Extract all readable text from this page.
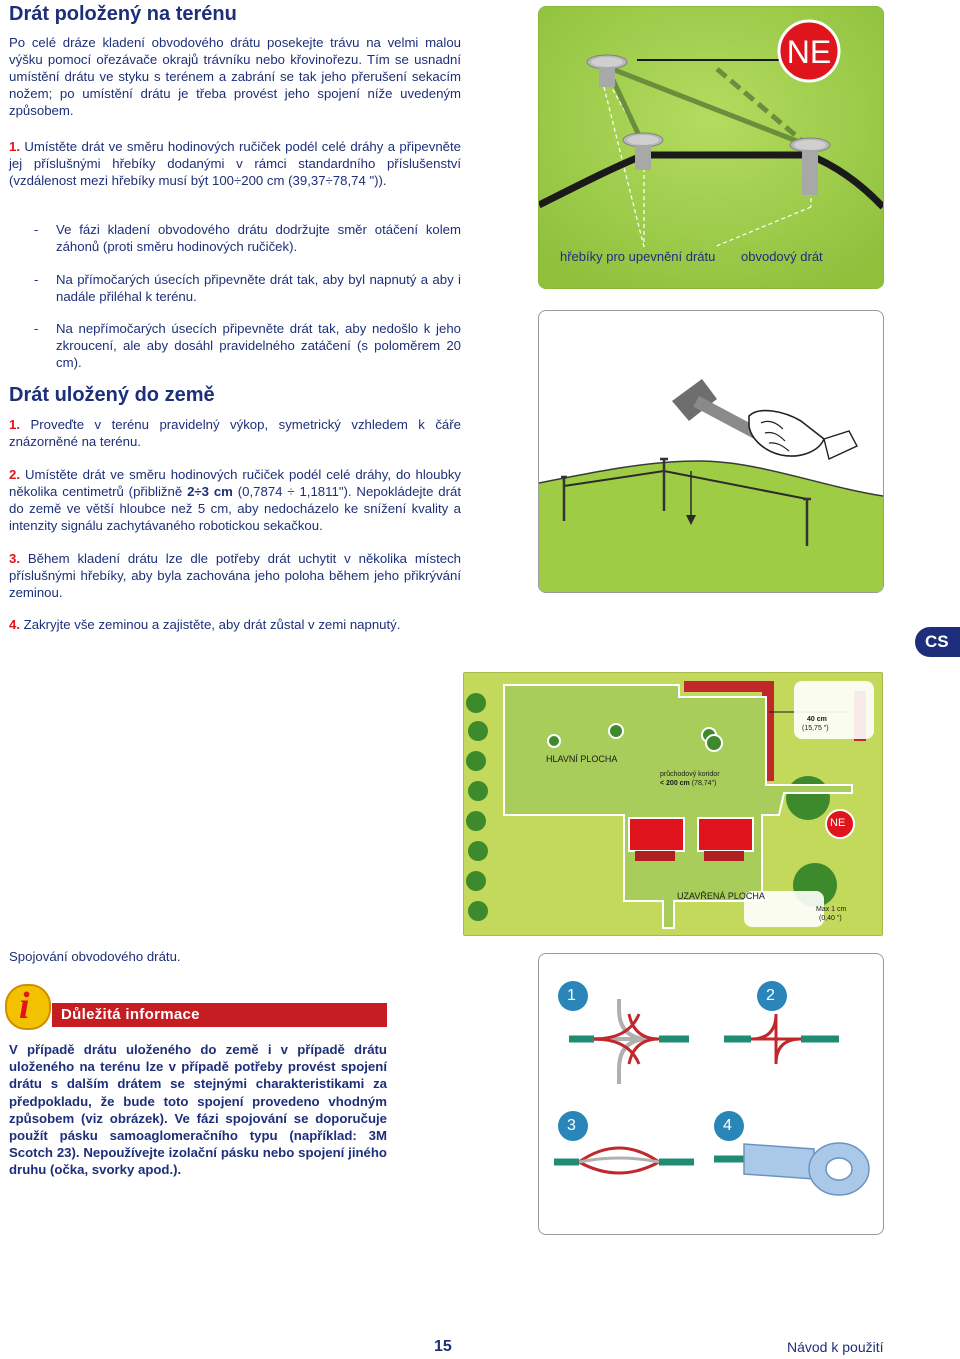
Drát položený na terénu
Po celé dráze kladení obvodového drátu posekejte trávu na velmi malou výšku pomocí ořezávače okrajů trávníku nebo křovinořezu. Tím se usnadní umístění drátu ve styku s terénem a zabrání se tak jeho přerušení sekacím nožem; po umístění drátu je třeba provést jeho spojení níže uvedeným způsobem.
1. Umístěte drát ve směru hodinových ručiček podél celé dráhy a připevněte jej příslušnými hřebíky dodanými v rámci standardního příslušenství (vzdálenost mezi hřebíky musí být 100÷200 cm (39,37÷78,74 ")).
- Ve fázi kladení obvodového drátu dodržujte směr otáčení kolem záhonů (proti směru hodinových ručiček).
- Na přímočarých úsecích připevněte drát tak, aby byl napnutý a aby i nadále přiléhal k terénu.
- Na nepřímočarých úsecích připevněte drát tak, aby nedošlo k jeho zkroucení, ale aby dosáhl pravidelného zatáčení (s poloměrem 20 cm).
Drát uložený do země
1. Proveďte v terénu pravidelný výkop, symetrický vzhledem k čáře znázorněné na terénu.
2. Umístěte drát ve směru hodinových ručiček podél celé dráhy, do hloubky několika centimetrů (přibližně 2÷3 cm (0,7874 ÷ 1,1811"). Nepokládejte drát do země ve větší hloubce než 5 cm, aby nedocházelo ke snížení kvality a intenzity signálu zachytávaného robotickou sekačkou.
3. Během kladení drátu lze dle potřeby drát uchytit v několika místech příslušnými hřebíky, aby byla zachována jeho poloha během jeho přikrývání zeminou.
4. Zakryjte vše zeminou a zajistěte, aby drát zůstal v zemi napnutý.
NE
hřebíky pro upevnění drátu obvodový drát
CS
HLAVNÍ PLOCHA
průchodový koridor
< 200 cm (78,74")
UZAVŘENÁ PLOCHA
40 cm
(15,75 ")
Max 1 cm
(0,40 ")
NE
Spojování obvodového drátu.
i Důležitá informace
V případě drátu uloženého do země i v případě drátu uloženého na terénu lze v případě potřeby provést spojení drátu s dalším drátem se stejnými charakteristikami za předpokladu, že bude toto spojení provedeno vhodným způsobem (viz obrázek). Ve fázi spojování se doporučuje použít pásku samoaglomeračního typu (například: 3M Scotch 23). Nepoužívejte izolační pásku nebo spojení jiného druhu (očka, svorky apod.).
1	2
3	4
15	Návod k použití
